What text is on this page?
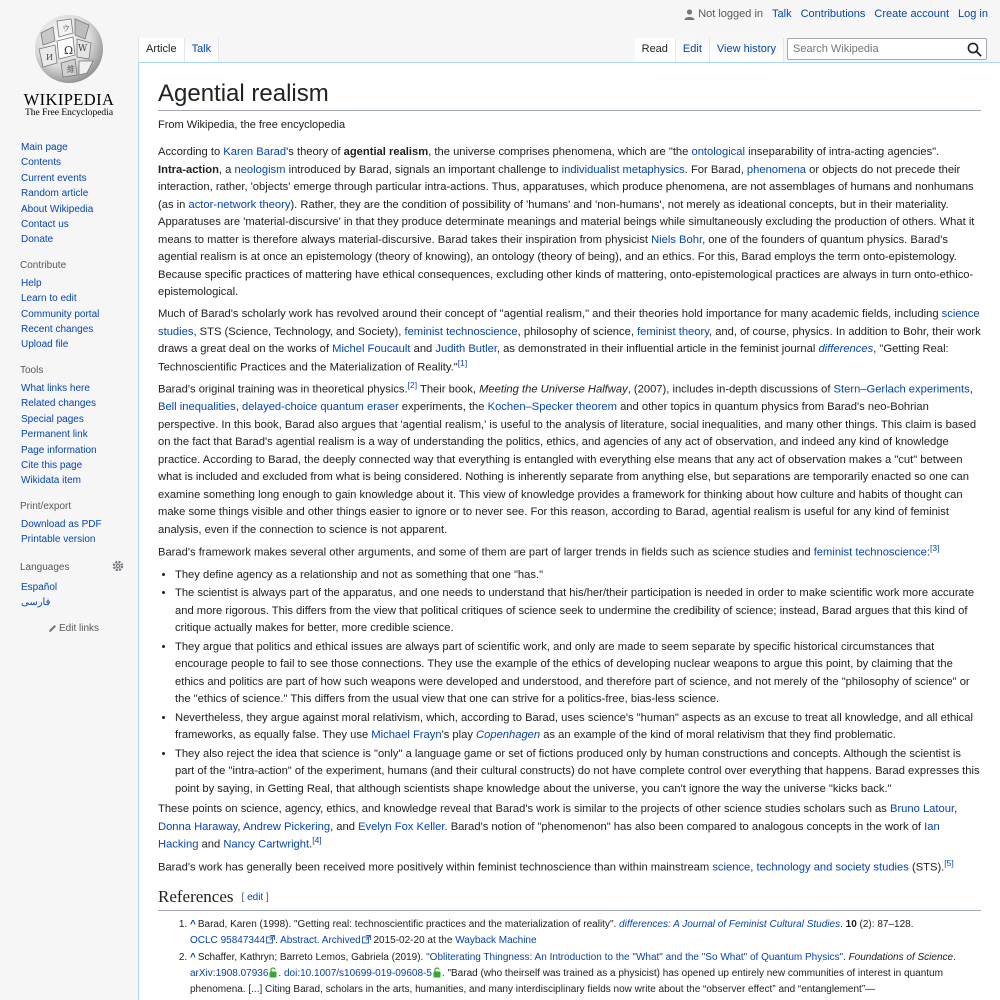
Ω W
И
ウ
維
WIKIPEDIA
The Free Encyclopedia
Not logged in Talk Contributions Create account Log in
Article	Talk	Read	Edit	View history
Search Wikipedia
Main page
Contents
Current events
Random article
About Wikipedia
Contact us
Donate
Contribute
Help
Learn to edit
Community portal
Recent changes
Upload file
Tools
What links here
Related changes
Special pages
Permanent link
Page information
Cite this page
Wikidata item
Print/export
Download as PDF
Printable version
Languages
Español
فارسی
Edit links
Agential realism
From Wikipedia, the free encyclopedia

According to Karen Barad's theory of agential realism, the universe comprises phenomena, which are "the ontological inseparability of intra-acting agencies".
Intra-action, a neologism introduced by Barad, signals an important challenge to individualist metaphysics. For Barad, phenomena or objects do not precede their interaction, rather, 'objects' emerge through particular intra-actions. Thus, apparatuses, which produce phenomena, are not assemblages of humans and nonhumans (as in actor-network theory). Rather, they are the condition of possibility of 'humans' and 'non-humans', not merely as ideational concepts, but in their materiality. Apparatuses are 'material-discursive' in that they produce determinate meanings and material beings while simultaneously excluding the production of others. What it means to matter is therefore always material-discursive. Barad takes their inspiration from physicist Niels Bohr, one of the founders of quantum physics. Barad's agential realism is at once an epistemology (theory of knowing), an ontology (theory of being), and an ethics. For this, Barad employs the term onto-epistemology. Because specific practices of mattering have ethical consequences, excluding other kinds of mattering, onto-epistemological practices are always in turn onto-ethico-epistemological.

Much of Barad's scholarly work has revolved around their concept of "agential realism," and their theories hold importance for many academic fields, including science studies, STS (Science, Technology, and Society), feminist technoscience, philosophy of science, feminist theory, and, of course, physics. In addition to Bohr, their work draws a great deal on the works of Michel Foucault and Judith Butler, as demonstrated in their influential article in the feminist journal differences, "Getting Real: Technoscientific Practices and the Materialization of Reality."[1]

Barad's original training was in theoretical physics.[2] Their book, Meeting the Universe Halfway, (2007), includes in-depth discussions of Stern–Gerlach experiments, Bell inequalities, delayed-choice quantum eraser experiments, the Kochen–Specker theorem and other topics in quantum physics from Barad's neo-Bohrian perspective. In this book, Barad also argues that 'agential realism,' is useful to the analysis of literature, social inequalities, and many other things. This claim is based on the fact that Barad's agential realism is a way of understanding the politics, ethics, and agencies of any act of observation, and indeed any kind of knowledge practice. According to Barad, the deeply connected way that everything is entangled with everything else means that any act of observation makes a "cut" between what is included and excluded from what is being considered. Nothing is inherently separate from anything else, but separations are temporarily enacted so one can examine something long enough to gain knowledge about it. This view of knowledge provides a framework for thinking about how culture and habits of thought can make some things visible and other things easier to ignore or to never see. For this reason, according to Barad, agential realism is useful for any kind of feminist analysis, even if the connection to science is not apparent.

Barad's framework makes several other arguments, and some of them are part of larger trends in fields such as science studies and feminist technoscience:[3]

• They define agency as a relationship and not as something that one "has."
• The scientist is always part of the apparatus, and one needs to understand that his/her/their participation is needed in order to make scientific work more accurate and more rigorous. This differs from the view that political critiques of science seek to undermine the credibility of science; instead, Barad argues that this kind of critique actually makes for better, more credible science.
• They argue that politics and ethical issues are always part of scientific work, and only are made to seem separate by specific historical circumstances that encourage people to fail to see those connections. They use the example of the ethics of developing nuclear weapons to argue this point, by claiming that the ethics and politics are part of how such weapons were developed and understood, and therefore part of science, and not merely of the "philosophy of science" or the "ethics of science." This differs from the usual view that one can strive for a politics-free, bias-less science.
• Nevertheless, they argue against moral relativism, which, according to Barad, uses science's "human" aspects as an excuse to treat all knowledge, and all ethical frameworks, as equally false. They use Michael Frayn's play Copenhagen as an example of the kind of moral relativism that they find problematic.
• They also reject the idea that science is "only" a language game or set of fictions produced only by human constructions and concepts. Although the scientist is part of the "intra-action" of the experiment, humans (and their cultural constructs) do not have complete control over everything that happens. Barad expresses this point by saying, in Getting Real, that although scientists shape knowledge about the universe, you can't ignore the way the universe "kicks back."

These points on science, agency, ethics, and knowledge reveal that Barad's work is similar to the projects of other science studies scholars such as Bruno Latour, Donna Haraway, Andrew Pickering, and Evelyn Fox Keller. Barad's notion of "phenomenon" has also been compared to analogous concepts in the work of Ian Hacking and Nancy Cartwright.[4]

Barad's work has generally been received more positively within feminist technoscience than within mainstream science, technology and society studies (STS).[5]

References [ edit ]
1. ^ Barad, Karen (1998). "Getting real: technoscientific practices and the materialization of reality". differences: A Journal of Feminist Cultural Studies. 10 (2): 87–128.
OCLC 95847344 . Abstract. Archived 2015-02-20 at the Wayback Machine
2. ^ Schaffer, Kathryn; Barreto Lemos, Gabriela (2019). "Obliterating Thingness: An Introduction to the "What" and the "So What" of Quantum Physics". Foundations of Science. arXiv:1908.07936 . doi:10.1007/s10699-019-09608-5 . "Barad (who theirself was trained as a physicist) has opened up entirely new communities of interest in quantum phenomena. [...] Citing Barad, scholars in the arts, humanities, and many interdisciplinary fields now write about the “observer effect” and “entanglement”—
